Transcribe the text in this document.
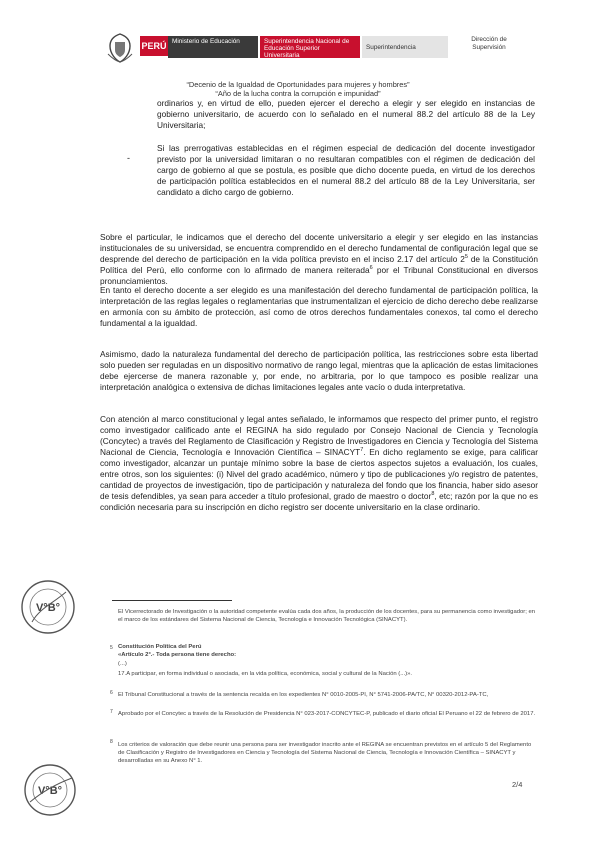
PERÚ Ministerio de Educación	Superintendencia Nacional de Educación Superior Universitaria
Superintendencia
Dirección de Supervisión
“Decenio de la Igualdad de Oportunidades para mujeres y hombres”
“Año de la lucha contra la corrupción e impunidad”
ordinarios y, en virtud de ello, pueden ejercer el derecho a elegir y ser elegido en instancias de gobierno universitario, de acuerdo con lo señalado en el numeral 88.2 del artículo 88 de la Ley Universitaria;
-
Si las prerrogativas establecidas en el régimen especial de dedicación del docente investigador previsto por la universidad limitaran o no resultaran compatibles con el régimen de dedicación del cargo de gobierno al que se postula, es posible que dicho docente pueda, en virtud de los derechos de participación política establecidos en el numeral 88.2 del artículo 88 de la Ley Universitaria, ser candidato a dicho cargo de gobierno.
Sobre el particular, le indicamos que el derecho del docente universitario a elegir y ser elegido en las instancias institucionales de su universidad, se encuentra comprendido en el derecho fundamental de configuración legal que se desprende del derecho de participación en la vida política previsto en el inciso 2.17 del artículo $2^5$ de la Constitución Política del Perú, ello conforme con lo afirmado de manera reiterada$^6$ por el Tribunal Constitucional en diversos pronunciamientos.
En tanto el derecho docente a ser elegido es una manifestación del derecho fundamental de participación política, la interpretación de las reglas legales o reglamentarias que instrumentalizan el ejercicio de dicho derecho debe realizarse en armonía con su ámbito de protección, así como de otros derechos fundamentales conexos, tal como el derecho fundamental a la igualdad.
Asimismo, dado la naturaleza fundamental del derecho de participación política, las restricciones sobre esta libertad solo pueden ser reguladas en un dispositivo normativo de rango legal, mientras que la aplicación de estas limitaciones debe ejercerse de manera razonable y, por ende, no arbitraria, por lo que tampoco es posible realizar una interpretación analógica o extensiva de dichas limitaciones legales ante vacío o duda interpretativa.
Con atención al marco constitucional y legal antes señalado, le informamos que respecto del primer punto, el registro como investigador calificado ante el REGINA ha sido regulado por Consejo Nacional de Ciencia y Tecnología (Concytec) a través del Reglamento de Clasificación y Registro de Investigadores en Ciencia y Tecnología del Sistema Nacional de Ciencia, Tecnología e Innovación Científica – SINACYT$^7$. En dicho reglamento se exige, para calificar como investigador, alcanzar un puntaje mínimo sobre la base de ciertos aspectos sujetos a evaluación, los cuales, entre otros, son los siguientes: (i) Nivel del grado académico, número y tipo de publicaciones y/o registro de patentes, cantidad de proyectos de investigación, tipo de participación y naturaleza del fondo que los financia, haber sido asesor de tesis defendibles, ya sean para acceder a título profesional, grado de maestro o doctor$^8$, etc; razón por la que no es condición necesaria para su inscripción en dicho registro ser docente universitario en la clase ordinario.
El Vicerrectorado de Investigación o la autoridad competente evalúa cada dos años, la producción de los docentes, para su permanencia como investigador; en el marco de los estándares del Sistema Nacional de Ciencia, Tecnología e Innovación Tecnológica (SINACYT).
5 Constitución Política del Perú
«Artículo 2°.- Toda persona tiene derecho:
(...)
17.A participar, en forma individual o asociada, en la vida política, económica, social y cultural de la Nación (...)».
6 El Tribunal Constitucional a través de la sentencia recaída en los expedientes N° 0010-2005-PI, N° 5741-2006-PA/TC, N° 00320-2012-PA-TC,
7 Aprobado por el Concytec a través de la Resolución de Presidencia N° 023-2017-CONCYTEC-P, publicado el diario oficial El Peruano el 22 de febrero de 2017.
8 Los criterios de valoración que debe reunir una persona para ser investigador inscrito ante el REGINA se encuentran previstos en el artículo 5 del Reglamento de Clasificación y Registro de Investigadores en Ciencia y Tecnología del Sistema Nacional de Ciencia, Tecnología e Innovación Científica – SINACYT y desarrolladas en su Anexo N° 1.
2/4
V°B°
V°B°
